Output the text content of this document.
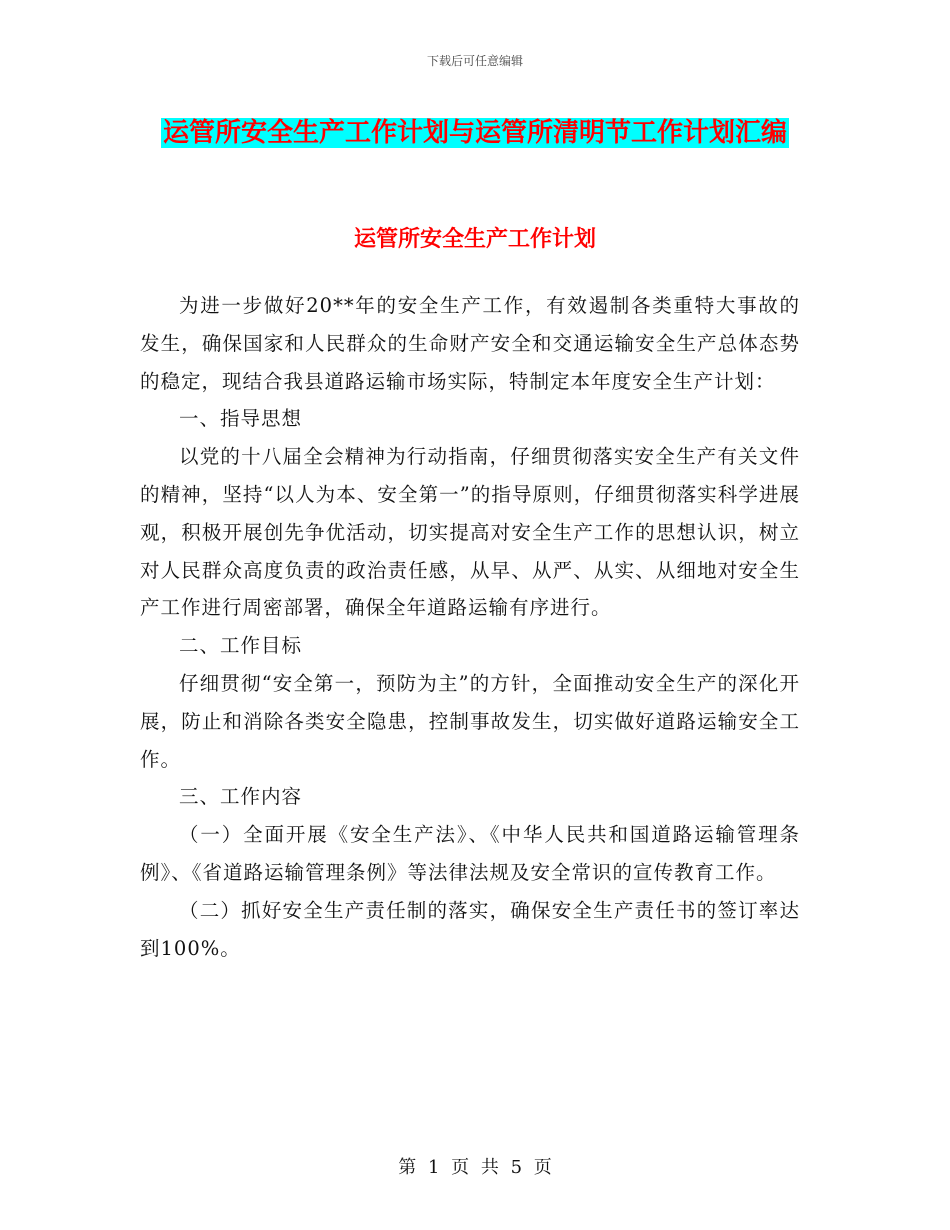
下载后可任意编辑
运管所安全生产工作计划与运管所清明节工作计划汇编
运管所安全生产工作计划

为进一步做好20**年的安全生产工作，有效遏制各类重特大事故的发生，确保国家和人民群众的生命财产安全和交通运输安全生产总体态势的稳定，现结合我县道路运输市场实际，特制定本年度安全生产计划：

一、指导思想

以党的十八届全会精神为行动指南，仔细贯彻落实安全生产有关文件的精神，坚持“以人为本、安全第一”的指导原则，仔细贯彻落实科学进展观，积极开展创先争优活动，切实提高对安全生产工作的思想认识，树立对人民群众高度负责的政治责任感，从早、从严、从实、从细地对安全生产工作进行周密部署，确保全年道路运输有序进行。

二、工作目标

仔细贯彻“安全第一，预防为主”的方针，全面推动安全生产的深化开展，防止和消除各类安全隐患，控制事故发生，切实做好道路运输安全工作。

三、工作内容

（一）全面开展《安全生产法》、《中华人民共和国道路运输管理条例》、《省道路运输管理条例》等法律法规及安全常识的宣传教育工作。

（二）抓好安全生产责任制的落实，确保安全生产责任书的签订率达到100%。

第 1 页 共 5 页
